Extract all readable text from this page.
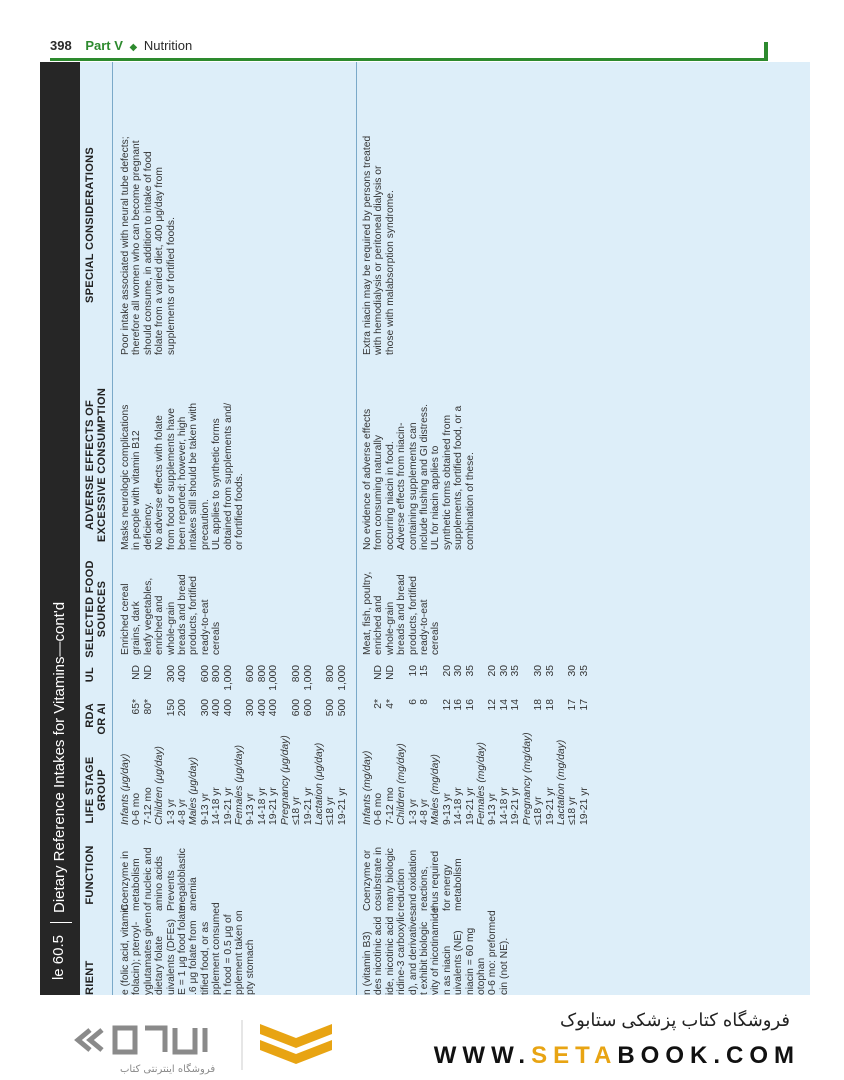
398 Part V ◆ Nutrition
le 60.5
Dietary Reference Intakes for Vitamins—cont'd
RIENT
FUNCTION
LIFE STAGE GROUP
RDA OR AI
UL
SELECTED FOOD SOURCES
ADVERSE EFFECTS OF EXCESSIVE CONSUMPTION
SPECIAL CONSIDERATIONS
e (folic acid, vitamin folacin); pteroyl- yglutamates given dietary folate uivalents (DFEs) E = 1 μg food folate .6 μg folate from tified food, or as pplement consumed h food = 0.5 μg of pplement taken on pty stomach
Coenzyme in metabolism of nucleic and amino acids Prevents megaloblastic anemia
Infants (μg/day) 0-6 mo
65*
ND
7-12 mo
80*
ND
Children (μg/day) 1-3 yr
150
300
4-8 yr
200
400
Males (μg/day) 9-13 yr
300
600
14-18 yr
400
800
19-21 yr
400
1,000
Females (μg/day) 9-13 yr
300
600
14-18 yr
400
800
19-21 yr
400
1,000
Pregnancy (μg/day) ≤18 yr
600
800
19-21 yr
600
1,000
Lactation (μg/day) ≤18 yr
500
800
19-21 yr
500
1,000
Enriched cereal grains, dark leafy vegetables, enriched and whole-grain breads and bread products, fortified ready-to-eat cereals
Masks neurologic complications in people with vitamin B12 deficiency. No adverse effects with folate from food or supplements have been reported; however, high intakes still should be taken with precaution. UL applies to synthetic forms obtained from supplements and/ or fortified foods.
Poor intake associated with neural tube defects; therefore all women who can become pregnant should consume, in addition to intake of food folate from a varied diet, 400 μg/day from supplements or fortified foods.
n (vitamin B3) des nicotinic acid ide, nicotinic acid ridine-3 carboxylic d), and derivatives t exhibit biologic vity of nicotinamide n as niacin uivalents (NE) niacin = 60 mg otophan 0-6 mo: preformed cin (not NE).
Coenzyme or cosubstrate in many biologic reduction and oxidation reactions, thus required for energy metabolism
Infants (mg/day) 0-6 mo
2*
ND
7-12 mo
4*
ND
Children (mg/day) 1-3 yr
6
10
4-8 yr
8
15
Males (mg/day) 9-13 yr
12
20
14-18 yr
16
30
19-21 yr
16
35
Females (mg/day) 9-13 yr
12
20
14-18 yr
14
30
19-21 yr
14
35
Pregnancy (mg/day) ≤18 yr
18
30
19-21 yr
18
35
Lactation (mg/day) ≤18 yr
17
30
19-21 yr
17
35
Meat, fish, poultry, enriched and whole-grain breads and bread products, fortified ready-to-eat cereals
No evidence of adverse effects from consuming naturally occurring niacin in food. Adverse effects from niacin- containing supplements can include flushing and GI distress. UL for niacin applies to synthetic forms obtained from supplements, fortified food, or a combination of these.
Extra niacin may be required by persons treated with hemodialysis or peritoneal dialysis or those with malabsorption syndrome.
فروشگاه اینترنتی کتاب
فروشگاه کتاب پزشکی ستابوک
WWW.SETABOOK.COM
